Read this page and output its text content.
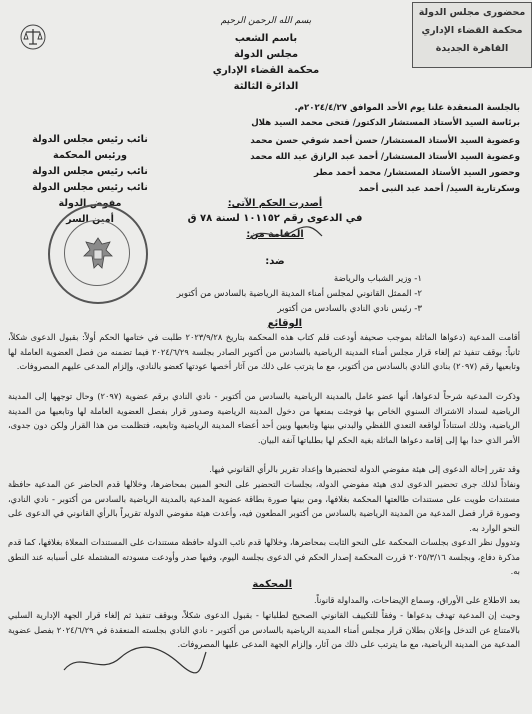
محضورى مجلس الدولة
محكمة القضاء الإداري
القاهرة الجديدة
بسم الله الرحمن الرحيم
باسم الشعب
مجلس الدولة
محكمة القضاء الإداري
الدائرة الثالثة
بالجلسة المنعقدة علنا يوم الأحد الموافق ٢٠٢٤/٤/٢٧م.
برئاسة السيد الأستاذ المستشار الدكتور/ فتحى محمد السيد هلال
نائب رئيس مجلس الدولة
ورئيس المحكمة
نائب رئيس مجلس الدولة
نائب رئيس مجلس الدولة
مفوض الدولة
أمين السر
وعضوية السيد الأستاذ المستشار/ حسن أحمد شوقي حسن محمد
وعضوية السيد الأستاذ المستشار/ أحمد عبد الرازق عبد الله محمد
وحضور السيد الأستاذ المستشار/ محمد أحمد مطر
وسكرتارية السيد/ أحمد عبد النبى أحمد
أصدرت الحكم الآتي:
في الدعوى رقم ١٠١١٥٢ لسنة ٧٨ ق
المقامة من:
ضد:
١- وزير الشباب والرياضة
٢- الممثل القانوني لمجلس أمناء المدينة الرياضية بالسادس من أكتوبر
٣- رئيس نادي النادي بالسادس من أكتوبر
الوقائع
أقامت المدعية (دعواها الماثلة بموجب صحيفة أودعت قلم كتاب هذه المحكمة بتاريخ ٢٠٢٣/٩/٢٨ طلبت في ختامها الحكم أولاً: بقبول الدعوى شكلاً، ثانياً: بوقف تنفيذ ثم إلغاء قرار مجلس أمناء المدينة الرياضية بالسادس من أكتوبر الصادر بجلسة ٢٠٢٤/٦/٢٩ فيما تضمنه من فصل العضوية العاملة لها وتابعيها رقم (٢٠٩٧) بنادي النادي بالسادس من أكتوبر، مع ما يترتب على ذلك من آثار أخصها عودتها كعضو بالنادي، وإلزام المدعى عليهم المصروفات.
وذكرت المدعية شرحاً لدعواها، أنها عضو عامل بالمدينة الرياضية بالسادس من أكتوبر - نادي النادي برقم عضوية (٢٠٩٧) وحال توجهها إلى المدينة الرياضية لسداد الاشتراك السنوي الخاص بها فوجئت بمنعها من دخول المدينة الرياضية وصدور قرار بفصل العضوية العاملة لها وتابعيها من المدينة الرياضية، وذلك استناداً لواقعة التعدي اللفظي والبدني بينها وتابعيها وبين أحد أعضاء المدينة الرياضية وتابعيه، فتظلمت من هذا القرار ولكن دون جدوى، الأمر الذي حدا بها إلى إقامة دعواها الماثلة بغية الحكم لها بطلباتها آنفة البيان.
وقد تقرر إحالة الدعوى إلى هيئة مفوضي الدولة لتحضيرها وإعداد تقرير بالرأي القانوني فيها.
ونفاذاً لذلك جرى تحضير الدعوى لدى هيئة مفوضي الدولة، بجلسات التحضير على النحو المبين بمحاضرها، وخلالها قدم الحاضر عن المدعية حافظة مستندات طويت على مستندات طالعتها المحكمة بغلافها، ومن بينها صورة بطاقة عضوية المدعية بالمدينة الرياضية بالسادس من أكتوبر - نادي النادي، وصورة قرار فصل المدعية من المدينة الرياضية بالسادس من أكتوبر المطعون فيه، وأعدت هيئة مفوضي الدولة تقريراً بالرأي القانوني في الدعوى على النحو الوارد به.
وتدوول نظر الدعوى بجلسات المحكمة على النحو الثابت بمحاضرها، وخلالها قدم نائب الدولة حافظة مستندات على المستندات المعلاة بغلافها، كما قدم مذكرة دفاع، وبجلسة ٢٠٢٥/٣/١٦ قررت المحكمة إصدار الحكم في الدعوى بجلسة اليوم، وفيها صدر وأودعت مسودته المشتملة على أسبابه عند النطق به.
المحكمة
بعد الاطلاع على الأوراق، وسماع الإيضاحات، والمداولة قانوناً.
وحيث إن المدعية تهدف بدعواها - وفقاً للتكييف القانوني الصحيح لطلباتها - بقبول الدعوى شكلاً، وبوقف تنفيذ ثم إلغاء قرار الجهة الإدارية السلبي بالامتناع عن التدخل وإعلان بطلان قرار مجلس أمناء المدينة الرياضية بالسادس من أكتوبر - نادي النادي بجلسته المنعقدة في ٢٠٢٤/٦/٢٩ بفصل عضوية المدعية من المدينة الرياضية، مع ما يترتب على ذلك من آثار، وإلزام الجهة المدعى عليها المصروفات.
